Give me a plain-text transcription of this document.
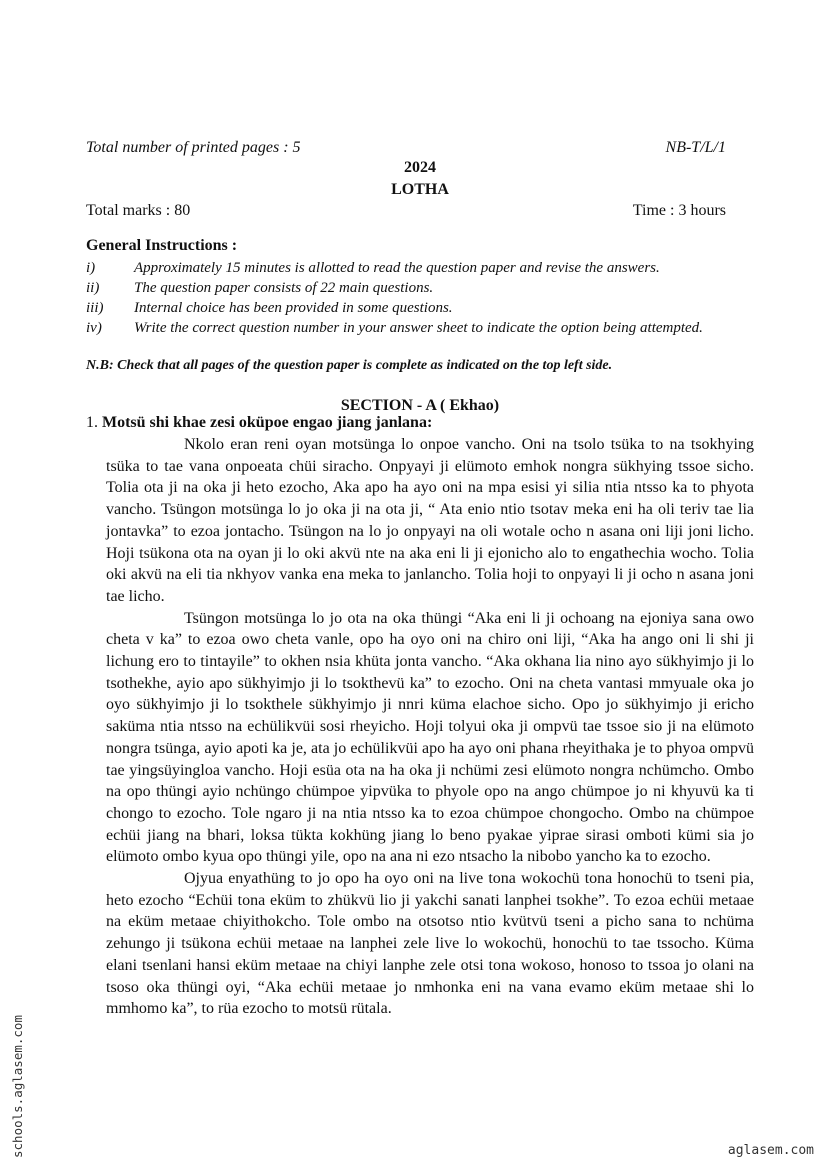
Total number of printed pages : 5	NB-T/L/1
2024
LOTHA
Total marks : 80	Time : 3 hours
General Instructions :
i)	Approximately 15 minutes is allotted to read the question paper and revise the answers.
ii)	The question paper consists of 22 main questions.
iii)	Internal choice has been provided in some questions.
iv)	Write the correct question number in your answer sheet to indicate the option being attempted.
N.B: Check that all pages of the question paper is complete as indicated on the top left side.
SECTION - A ( Ekhao)
1. Motsü shi khae zesi oküpoe engao jiang janlana:

Nkolo eran reni oyan motsünga lo onpoe vancho. Oni na tsolo tsüka to na tsokhying tsüka to tae vana onpoeata chüi siracho. Onpyayi ji elümoto emhok nongra sükhying tssoe sicho. Tolia ota ji na oka ji heto ezocho, Aka apo ha ayo oni na mpa esisi yi silia ntia ntsso ka to phyota vancho. Tsüngon motsünga lo jo oka ji na ota ji, “ Ata enio ntio tsotav meka eni ha oli teriv tae lia jontavka” to ezoa jontacho. Tsüngon na lo jo onpyayi na oli wotale ocho n asana oni liji joni licho. Hoji tsükona ota na oyan ji lo oki akvü nte na aka eni li ji ejonicho alo to engathechia wocho. Tolia oki akvü na eli tia nkhyov vanka ena meka to janlancho. Tolia hoji to onpyayi li ji ocho n asana joni tae licho.

Tsüngon motsünga lo jo ota na oka thüngi “Aka eni li ji ochoang na ejoniya sana owo cheta v ka” to ezoa owo cheta vanle, opo ha oyo oni na chiro oni liji, “Aka ha ango oni li shi ji lichung ero to tintayile” to okhen nsia khüta jonta vancho. “Aka okhana lia nino ayo sükhyimjo ji lo tsothekhe, ayio apo sükhyimjo ji lo tsokthevü ka” to ezocho. Oni na cheta vantasi mmyuale oka jo oyo sükhyimjo ji lo tsokthele sükhyimjo ji nnri küma elachoe sicho. Opo jo sükhyimjo ji ericho saküma ntia ntsso na echülikvüi sosi rheyicho. Hoji tolyui oka ji ompvü tae tssoe sio ji na elümoto nongra tsünga, ayio apoti ka je, ata jo echülikvüi apo ha ayo oni phana rheyithaka je to phyoa ompvü tae yingsüyingloa vancho. Hoji esüa ota na ha oka ji nchümi zesi elümoto nongra nchümcho. Ombo na opo thüngi ayio nchüngo chümpoe yipvüka to phyole opo na ango chümpoe jo ni khyuvü ka ti chongo to ezocho. Tole ngaro ji na ntia ntsso ka to ezoa chümpoe chongocho. Ombo na chümpoe echüi jiang na bhari, loksa tükta kokhüng jiang lo beno pyakae yiprae sirasi omboti kümi sia jo elümoto ombo kyua opo thüngi yile, opo na ana ni ezo ntsacho la nibobo yancho ka to ezocho.

Ojyua enyathüng to jo opo ha oyo oni na live tona wokochü tona honochü to tseni pia, heto ezocho “Echüi tona eküm to zhükvü lio ji yakchi sanati lanphei tsokhe”. To ezoa echüi metaae na eküm metaae chiyithokcho. Tole ombo na otsotso ntio kvütvü tseni a picho sana to nchüma zehungo ji tsükona echüi metaae na lanphei zele live lo wokochü, honochü to tae tssocho. Küma elani tsenlani hansi eküm metaae na chiyi lanphe zele otsi tona wokoso, honoso to tssoa jo olani na tsoso oka thüngi oyi, “Aka echüi metaae jo nmhonka eni na vana evamo eküm metaae shi lo mmhomo ka”, to rüa ezocho to motsü rütala.

schools.aglasem.com	aglasem.com
